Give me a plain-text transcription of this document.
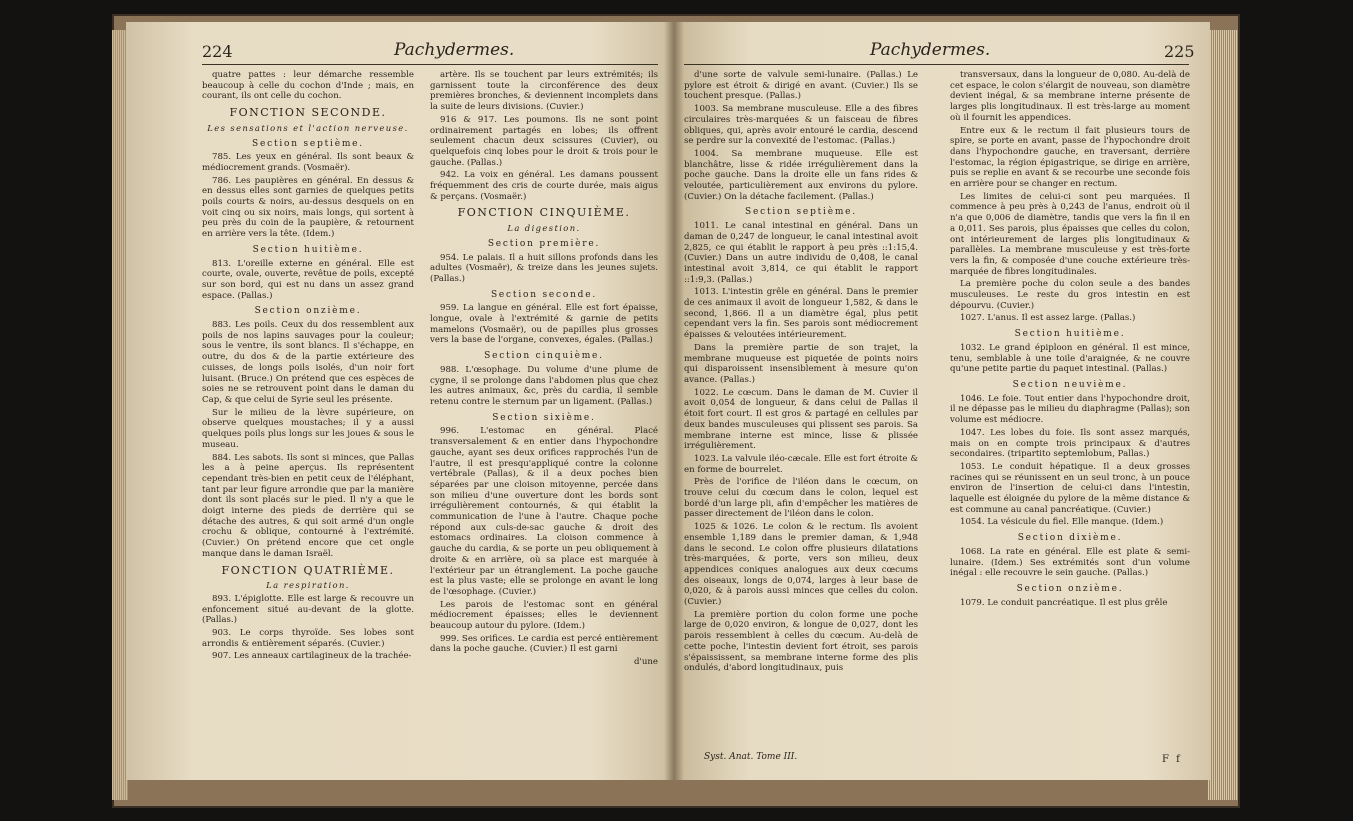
224	Pachydermes.

quatre pattes : leur démarche ressemble beaucoup à celle du cochon d'Inde ; mais, en courant, ils ont celle du cochon.

FONCTION SECONDE.
Les sensations et l'action nerveuse.
Section septième.

785. Les yeux en général. Ils sont beaux & médiocrement grands. (Vosmaër).

786. Les paupières en général. En dessus & en dessus elles sont garnies de quelques petits poils courts & noirs, au-dessus desquels on en voit cinq ou six noirs, mais longs, qui sortent à peu près du coin de la paupière, & retournent en arrière vers la tête. (Idem.)

Section huitième.

813. L'oreille externe en général. Elle est courte, ovale, ouverte, revêtue de poils, excepté sur son bord, qui est nu dans un assez grand espace. (Pallas.)

Section onzième.

883. Les poils. Ceux du dos ressemblent aux poils de nos lapins sauvages pour la couleur; sous le ventre, ils sont blancs. Il s'échappe, en outre, du dos & de la partie extérieure des cuisses, de longs poils isolés, d'un noir fort luisant. (Bruce.) On prétend que ces espèces de soies ne se retrouvent point dans le daman du Cap, & que celui de Syrie seul les présente.

Sur le milieu de la lèvre supérieure, on observe quelques moustaches; il y a aussi quelques poils plus longs sur les joues & sous le museau.

884. Les sabots. Ils sont si minces, que Pallas les a à peine aperçus. Ils représentent cependant très-bien en petit ceux de l'éléphant, tant par leur figure arrondie que par la manière dont ils sont placés sur le pied. Il n'y a que le doigt interne des pieds de derrière qui se détache des autres, & qui soit armé d'un ongle crochu & oblique, contourné à l'extrémité. (Cuvier.) On prétend encore que cet ongle manque dans le daman Israël.

FONCTION QUATRIÈME.
La respiration.

893. L'épiglotte. Elle est large & recouvre un enfoncement situé au-devant de la glotte. (Pallas.)

903. Le corps thyroïde. Ses lobes sont arrondis & entièrement séparés. (Cuvier.)

907. Les anneaux cartilagineux de la trachée-

artère. Ils se touchent par leurs extrémités; ils garnissent toute la circonférence des deux premières bronches, & deviennent incomplets dans la suite de leurs divisions. (Cuvier.)

916 & 917. Les poumons. Ils ne sont point ordinairement partagés en lobes; ils offrent seulement chacun deux scissures (Cuvier), ou quelquefois cinq lobes pour le droit & trois pour le gauche. (Pallas.)

942. La voix en général. Les damans poussent fréquemment des cris de courte durée, mais aigus & perçans. (Vosmaër.)

FONCTION CINQUIÈME.
La digestion.
Section première.

954. Le palais. Il a huit sillons profonds dans les adultes (Vosmaër), & treize dans les jeunes sujets. (Pallas.)

Section seconde.

959. La langue en général. Elle est fort épaisse, longue, ovale à l'extrémité & garnie de petits mamelons (Vosmaër), ou de papilles plus grosses vers la base de l'organe, convexes, égales. (Pallas.)

Section cinquième.

988. L'œsophage. Du volume d'une plume de cygne, il se prolonge dans l'abdomen plus que chez les autres animaux, &c, près du cardia, il semble retenu contre le sternum par un ligament. (Pallas.)

Section sixième.

996. L'estomac en général. Placé transversalement & en entier dans l'hypochondre gauche, ayant ses deux orifices rapprochés l'un de l'autre, il est presqu'appliqué contre la colonne vertébrale (Pallas), & il a deux poches bien séparées par une cloison mitoyenne, percée dans son milieu d'une ouverture dont les bords sont irrégulièrement contournés, & qui établit la communication de l'une à l'autre. Chaque poche répond aux culs-de-sac gauche & droit des estomacs ordinaires. La cloison commence à gauche du cardia, & se porte un peu obliquement à droite & en arrière, où sa place est marquée à l'extérieur par un étranglement. La poche gauche est la plus vaste; elle se prolonge en avant le long de l'œsophage. (Cuvier.)

Les parois de l'estomac sont en général médiocrement épaisses; elles le deviennent beaucoup autour du pylore. (Idem.)

999. Ses orifices. Le cardia est percé entièrement dans la poche gauche. (Cuvier.) Il est garni

d'une

Pachydermes.	225

d'une sorte de valvule semi-lunaire. (Pallas.) Le pylore est étroit & dirigé en avant. (Cuvier.) Ils se touchent presque. (Pallas.)

1003. Sa membrane musculeuse. Elle a des fibres circulaires très-marquées & un faisceau de fibres obliques, qui, après avoir entouré le cardia, descend se perdre sur la convexité de l'estomac. (Pallas.)

1004. Sa membrane muqueuse. Elle est blanchâtre, lisse & ridée irrégulièrement dans la poche gauche. Dans la droite elle un fans rides & veloutée, particulièrement aux environs du pylore. (Cuvier.) On la détache facilement. (Pallas.)

Section septième.

1011. Le canal intestinal en général. Dans un daman de 0,247 de longueur, le canal intestinal avoit 2,825, ce qui établit le rapport à peu près ::1:15,4. (Cuvier.) Dans un autre individu de 0,408, le canal intestinal avoit 3,814, ce qui établit le rapport ::1:9,3. (Pallas.)

1013. L'intestin grêle en général. Dans le premier de ces animaux il avoit de longueur 1,582, & dans le second, 1,866. Il a un diamètre égal, plus petit cependant vers la fin. Ses parois sont médiocrement épaisses & veloutées intérieurement.

Dans la première partie de son trajet, la membrane muqueuse est piquetée de points noirs qui disparoissent insensiblement à mesure qu'on avance. (Pallas.)

1022. Le cœcum. Dans le daman de M. Cuvier il avoit 0,054 de longueur, & dans celui de Pallas il étoit fort court. Il est gros & partagé en cellules par deux bandes musculeuses qui plissent ses parois. Sa membrane interne est mince, lisse & plissée irrégulièrement.

1023. La valvule iléo-cæcale. Elle est fort étroite & en forme de bourrelet.

Près de l'orifice de l'iléon dans le cœcum, on trouve celui du cœcum dans le colon, lequel est bordé d'un large pli, afin d'empêcher les matières de passer directement de l'iléon dans le colon.

1025 & 1026. Le colon & le rectum. Ils avoient ensemble 1,189 dans le premier daman, & 1,948 dans le second. Le colon offre plusieurs dilatations très-marquées, & porte, vers son milieu, deux appendices coniques analogues aux deux cœcums des oiseaux, longs de 0,074, larges à leur base de 0,020, & à parois aussi minces que celles du colon. (Cuvier.)

La première portion du colon forme une poche large de 0,020 environ, & longue de 0,027, dont les parois ressemblent à celles du cœcum. Au-delà de cette poche, l'intestin devient fort étroit, ses parois s'épaississent, sa membrane interne forme des plis ondulés, d'abord longitudinaux, puis

transversaux, dans la longueur de 0,080. Au-delà de cet espace, le colon s'élargit de nouveau, son diamètre devient inégal, & sa membrane interne présente de larges plis longitudinaux. Il est très-large au moment où il fournit les appendices.

Entre eux & le rectum il fait plusieurs tours de spire, se porte en avant, passe de l'hypochondre droit dans l'hypochondre gauche, en traversant, derrière l'estomac, la région épigastrique, se dirige en arrière, puis se replie en avant & se recourbe une seconde fois en arrière pour se changer en rectum.

Les limites de celui-ci sont peu marquées. Il commence à peu près à 0,243 de l'anus, endroit où il n'a que 0,006 de diamètre, tandis que vers la fin il en a 0,011. Ses parois, plus épaisses que celles du colon, ont intérieurement de larges plis longitudinaux & parallèles. La membrane musculeuse y est très-forte vers la fin, & composée d'une couche extérieure très-marquée de fibres longitudinales.

La première poche du colon seule a des bandes musculeuses. Le reste du gros intestin en est dépourvu. (Cuvier.)

1027. L'anus. Il est assez large. (Pallas.)

Section huitième.

1032. Le grand épiploon en général. Il est mince, tenu, semblable à une toile d'araignée, & ne couvre qu'une petite partie du paquet intestinal. (Pallas.)

Section neuvième.

1046. Le foie. Tout entier dans l'hypochondre droit, il ne dépasse pas le milieu du diaphragme (Pallas); son volume est médiocre.

1047. Les lobes du foie. Ils sont assez marqués, mais on en compte trois principaux & d'autres secondaires. (tripartito septemlobum, Pallas.)

1053. Le conduit hépatique. Il a deux grosses racines qui se réunissent en un seul tronc, à un pouce environ de l'insertion de celui-ci dans l'intestin, laquelle est éloignée du pylore de la même distance & est commune au canal pancréatique. (Cuvier.)

1054. La vésicule du fiel. Elle manque. (Idem.)

Section dixième.

1068. La rate en général. Elle est plate & semi-lunaire. (Idem.) Ses extrémités sont d'un volume inégal : elle recouvre le sein gauche. (Pallas.)

Section onzième.

1079. Le conduit pancréatique. Il est plus grêle

Syst. Anat. Tome III.	F f
